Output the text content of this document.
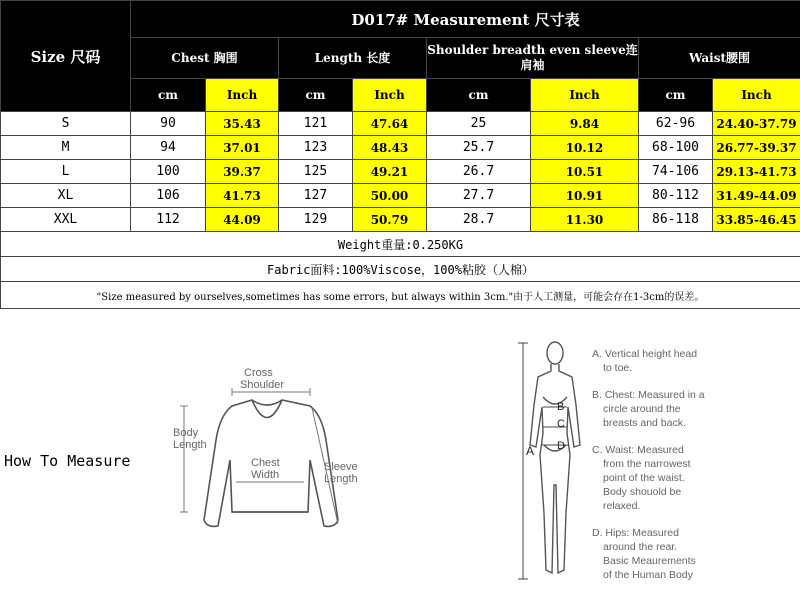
Size 尺码	D017# Measurement 尺寸表							
	Chest 胸围		Length 长度		Shoulder breadth even sleeve连肩袖		Waist腰围	
	cm	Inch	cm	Inch	cm	Inch	cm	Inch
S	90	35.43	121	47.64	25	9.84	62-96	24.40-37.79
M	94	37.01	123	48.43	25.7	10.12	68-100	26.77-39.37
L	100	39.37	125	49.21	26.7	10.51	74-106	29.13-41.73
XL	106	41.73	127	50.00	27.7	10.91	80-112	31.49-44.09
XXL	112	44.09	129	50.79	28.7	11.30	86-118	33.85-46.45
Weight重量:0.250KG								
Fabric面料:100%Viscose，100%粘胶（人棉）								
"Size measured by ourselves,sometimes has some errors, but always within 3cm."由于人工测量，可能会存在1-3cm的误差。								
How To Measure
Cross
Shoulder
Body
Length
Chest
Width
Sleeve
Length
A
B
C
D
A. Vertical height head
to toe.
B. Chest: Measured in a
circle around the
breasts and back.
C. Waist: Measured
from the narrowest
point of the waist.
Body shouold be
relaxed.
D. Hips: Measured
around the rear.
Basic Meaurements
of the Human Body
